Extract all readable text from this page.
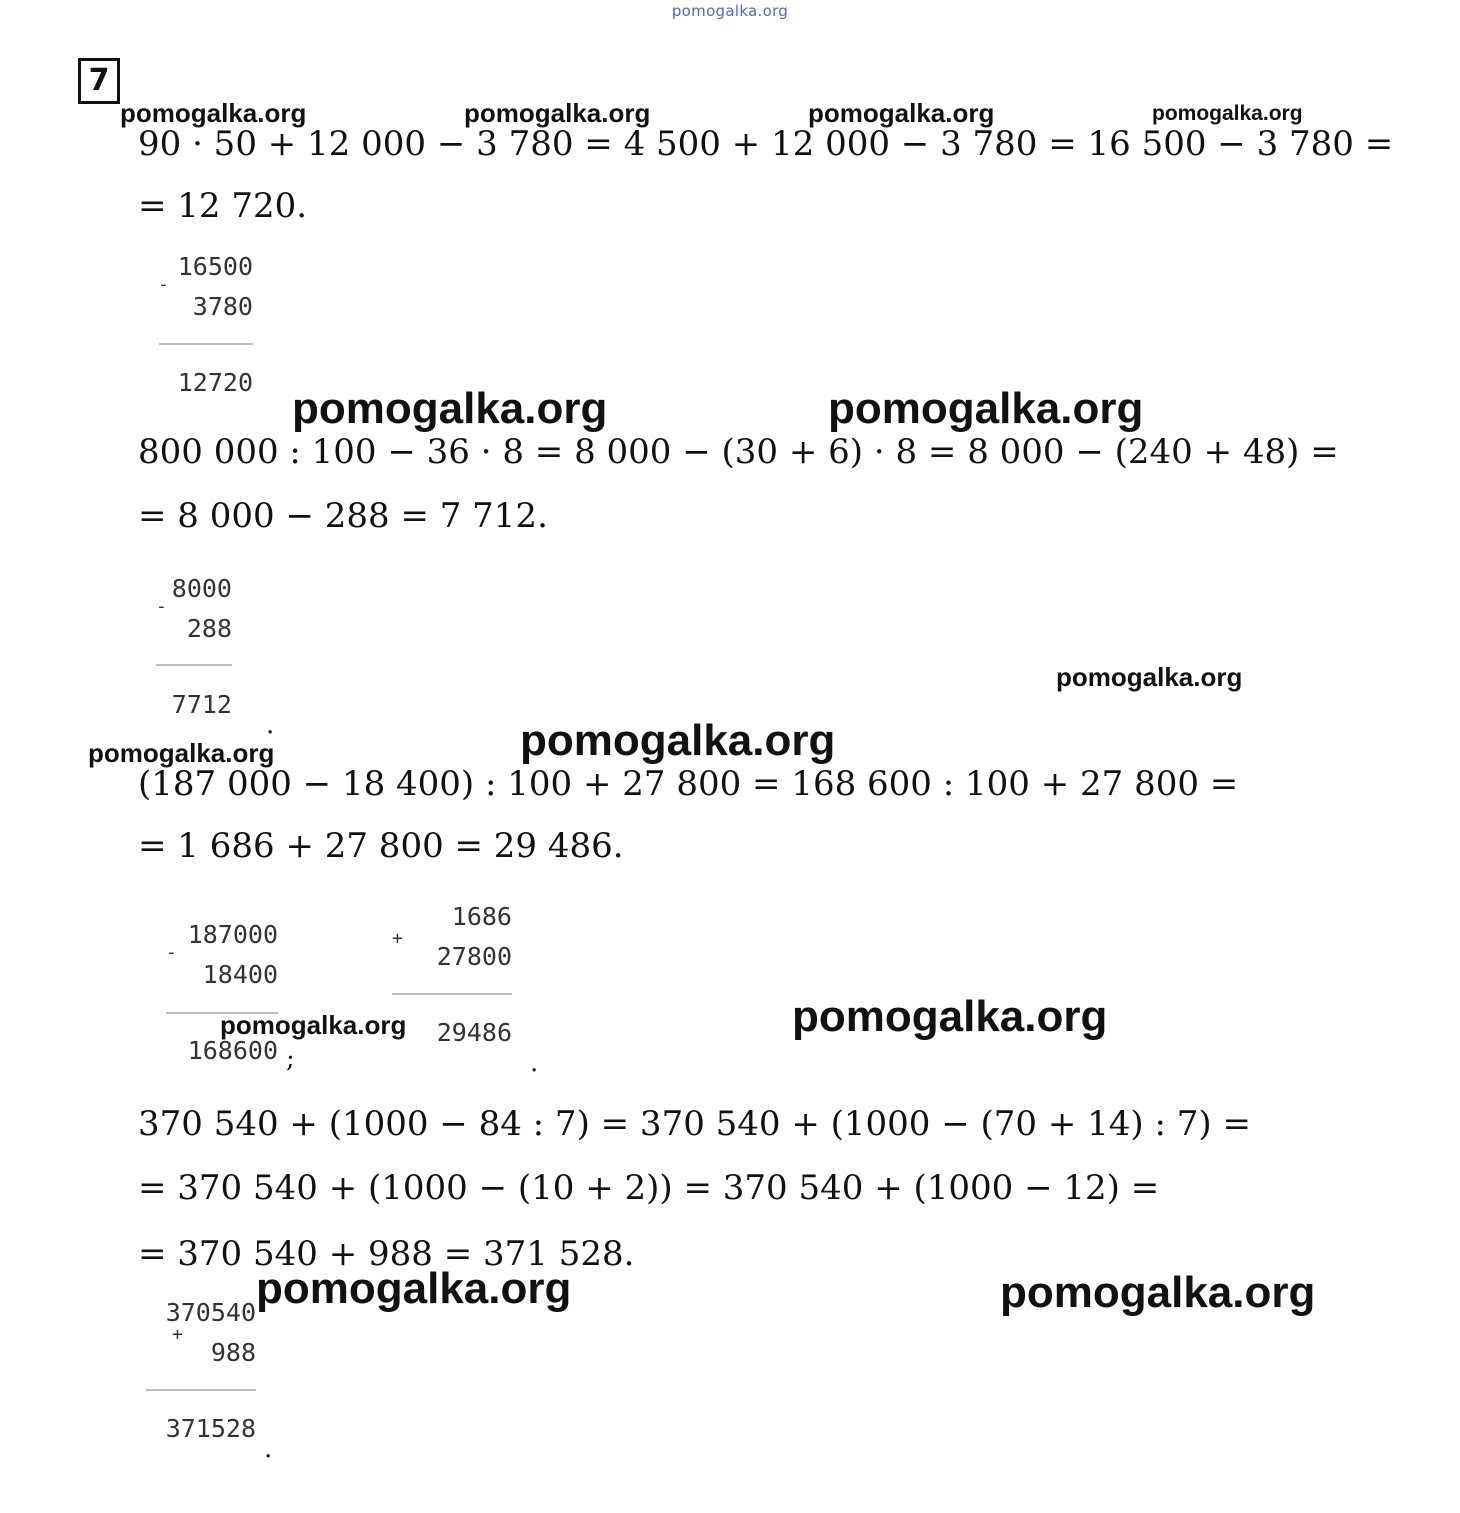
pomogalka.org
7
pomogalka.org	pomogalka.org	pomogalka.org	pomogalka.org
pomogalka.org	pomogalka.org
pomogalka.org
pomogalka.org
pomogalka.org
pomogalka.org	pomogalka.org
pomogalka.org	pomogalka.org
90 · 50 + 12 000 − 3 780 = 4 500 + 12 000 − 3 780 = 16 500 − 3 780 =
= 12 720.
16500
-
3780
12720
800 000 : 100 − 36 · 8 = 8 000 − (30 + 6) · 8 = 8 000 − (240 + 48) =
= 8 000 − 288 = 7 712.
8000
-
288
7712
.
(187 000 − 18 400) : 100 + 27 800 = 168 600 : 100 + 27 800 =
= 1 686 + 27 800 = 29 486.
187000
-
18400
168600 ;
1686
+
27800
29486
.
370 540 + (1000 − 84 : 7) = 370 540 + (1000 − (70 + 14) : 7) =
= 370 540 + (1000 − (10 + 2)) = 370 540 + (1000 − 12) =
= 370 540 + 988 = 371 528.
370540
+
988
371528
.
